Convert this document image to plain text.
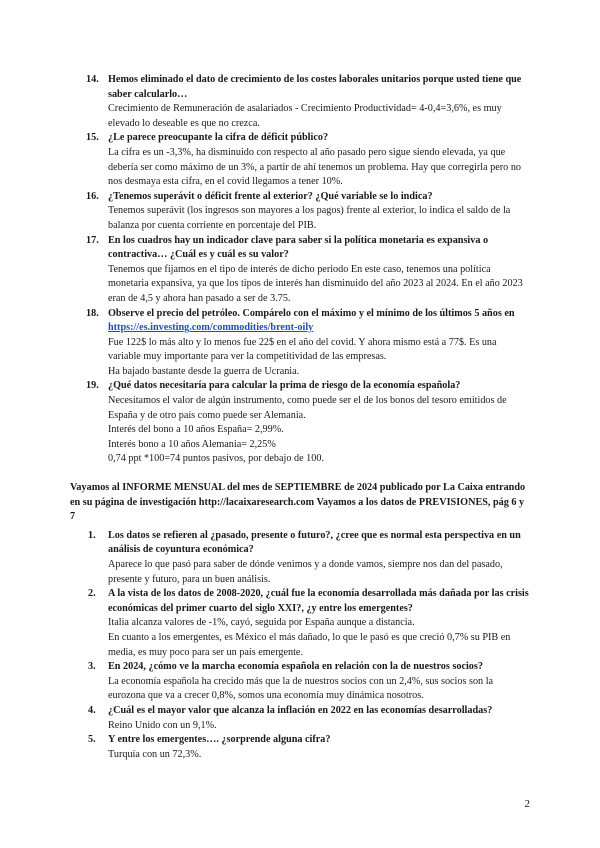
14. Hemos eliminado el dato de crecimiento de los costes laborales unitarios porque usted tiene que saber calcularlo…

Crecimiento de Remuneración de asalariados - Crecimiento Productividad= 4-0,4=3,6%, es muy elevado lo deseable es que no crezca.

15. ¿Le parece preocupante la cifra de déficit público?

La cifra es un -3,3%, ha disminuido con respecto al año pasado pero sigue siendo elevada, ya que debería ser como máximo de un 3%, a partir de ahí tenemos un problema. Hay que corregirla pero no nos desmaya esta cifra, en el covid llegamos a tener 10%.

16. ¿Tenemos superávit o déficit frente al exterior? ¿Qué variable se lo indica?

Tenemos superávit (los ingresos son mayores a los pagos) frente al exterior, lo indica el saldo de la balanza por cuenta corriente en porcentaje del PIB.

17. En los cuadros hay un indicador clave para saber si la política monetaria es expansiva o contractiva… ¿Cuál es y cuál es su valor?

Tenemos que fijamos en el tipo de interés de dicho periodo En este caso, tenemos una política monetaria expansiva, ya que los tipos de interés han disminuido del año 2023 al 2024. En el año 2023 eran de 4,5 y ahora han pasado a ser de 3.75.

18. Observe el precio del petróleo. Compárelo con el máximo y el mínimo de los últimos 5 años en https://es.investing.com/commodities/brent-oily

Fue 122$ lo más alto y lo menos fue 22$ en el año del covid. Y ahora mismo está a 77$. Es una variable muy importante para ver la competitividad de las empresas.

Ha bajado bastante desde la guerra de Ucrania.

19. ¿Qué datos necesitaría para calcular la prima de riesgo de la economía española?

Necesitamos el valor de algún instrumento, como puede ser el de los bonos del tesoro emitidos de España y de otro país como puede ser Alemania.

Interés del bono a 10 años España= 2,99%.

Interés bono a 10 años Alemania= 2,25%

0,74 ppt *100=74 puntos pasivos, por debajo de 100.

Vayamos al INFORME MENSUAL del mes de SEPTIEMBRE de 2024 publicado por La Caixa entrando en su página de investigación http://lacaixaresearch.com Vayamos a los datos de PREVISIONES, pág 6 y 7

1. Los datos se refieren al ¿pasado, presente o futuro?, ¿cree que es normal esta perspectiva en un análisis de coyuntura económica?

Aparece lo que pasó para saber de dónde venimos y a donde vamos, siempre nos dan del pasado, presente y futuro, para un buen análisis.

2. A la vista de los datos de 2008-2020, ¿cuál fue la economía desarrollada más dañada por las crisis económicas del primer cuarto del siglo XXI?, ¿y entre los emergentes?

Italia alcanza valores de -1%, cayó, seguida por España aunque a distancia.

En cuanto a los emergentes, es México el más dañado, lo que le pasó es que creció 0,7% su PIB en media, es muy poco para ser un país emergente.

3. En 2024, ¿cómo ve la marcha economía española en relación con la de nuestros socios?

La economía española ha crecido más que la de nuestros socios con un 2,4%, sus socios son la eurozona que va a crecer 0,8%, somos una economía muy dinámica nosotros.

4. ¿Cuál es el mayor valor que alcanza la inflación en 2022 en las economías desarrolladas?

Reino Unido con un 9,1%.

5. Y entre los emergentes…. ¿sorprende alguna cifra?

Turquía con un 72,3%.

2
